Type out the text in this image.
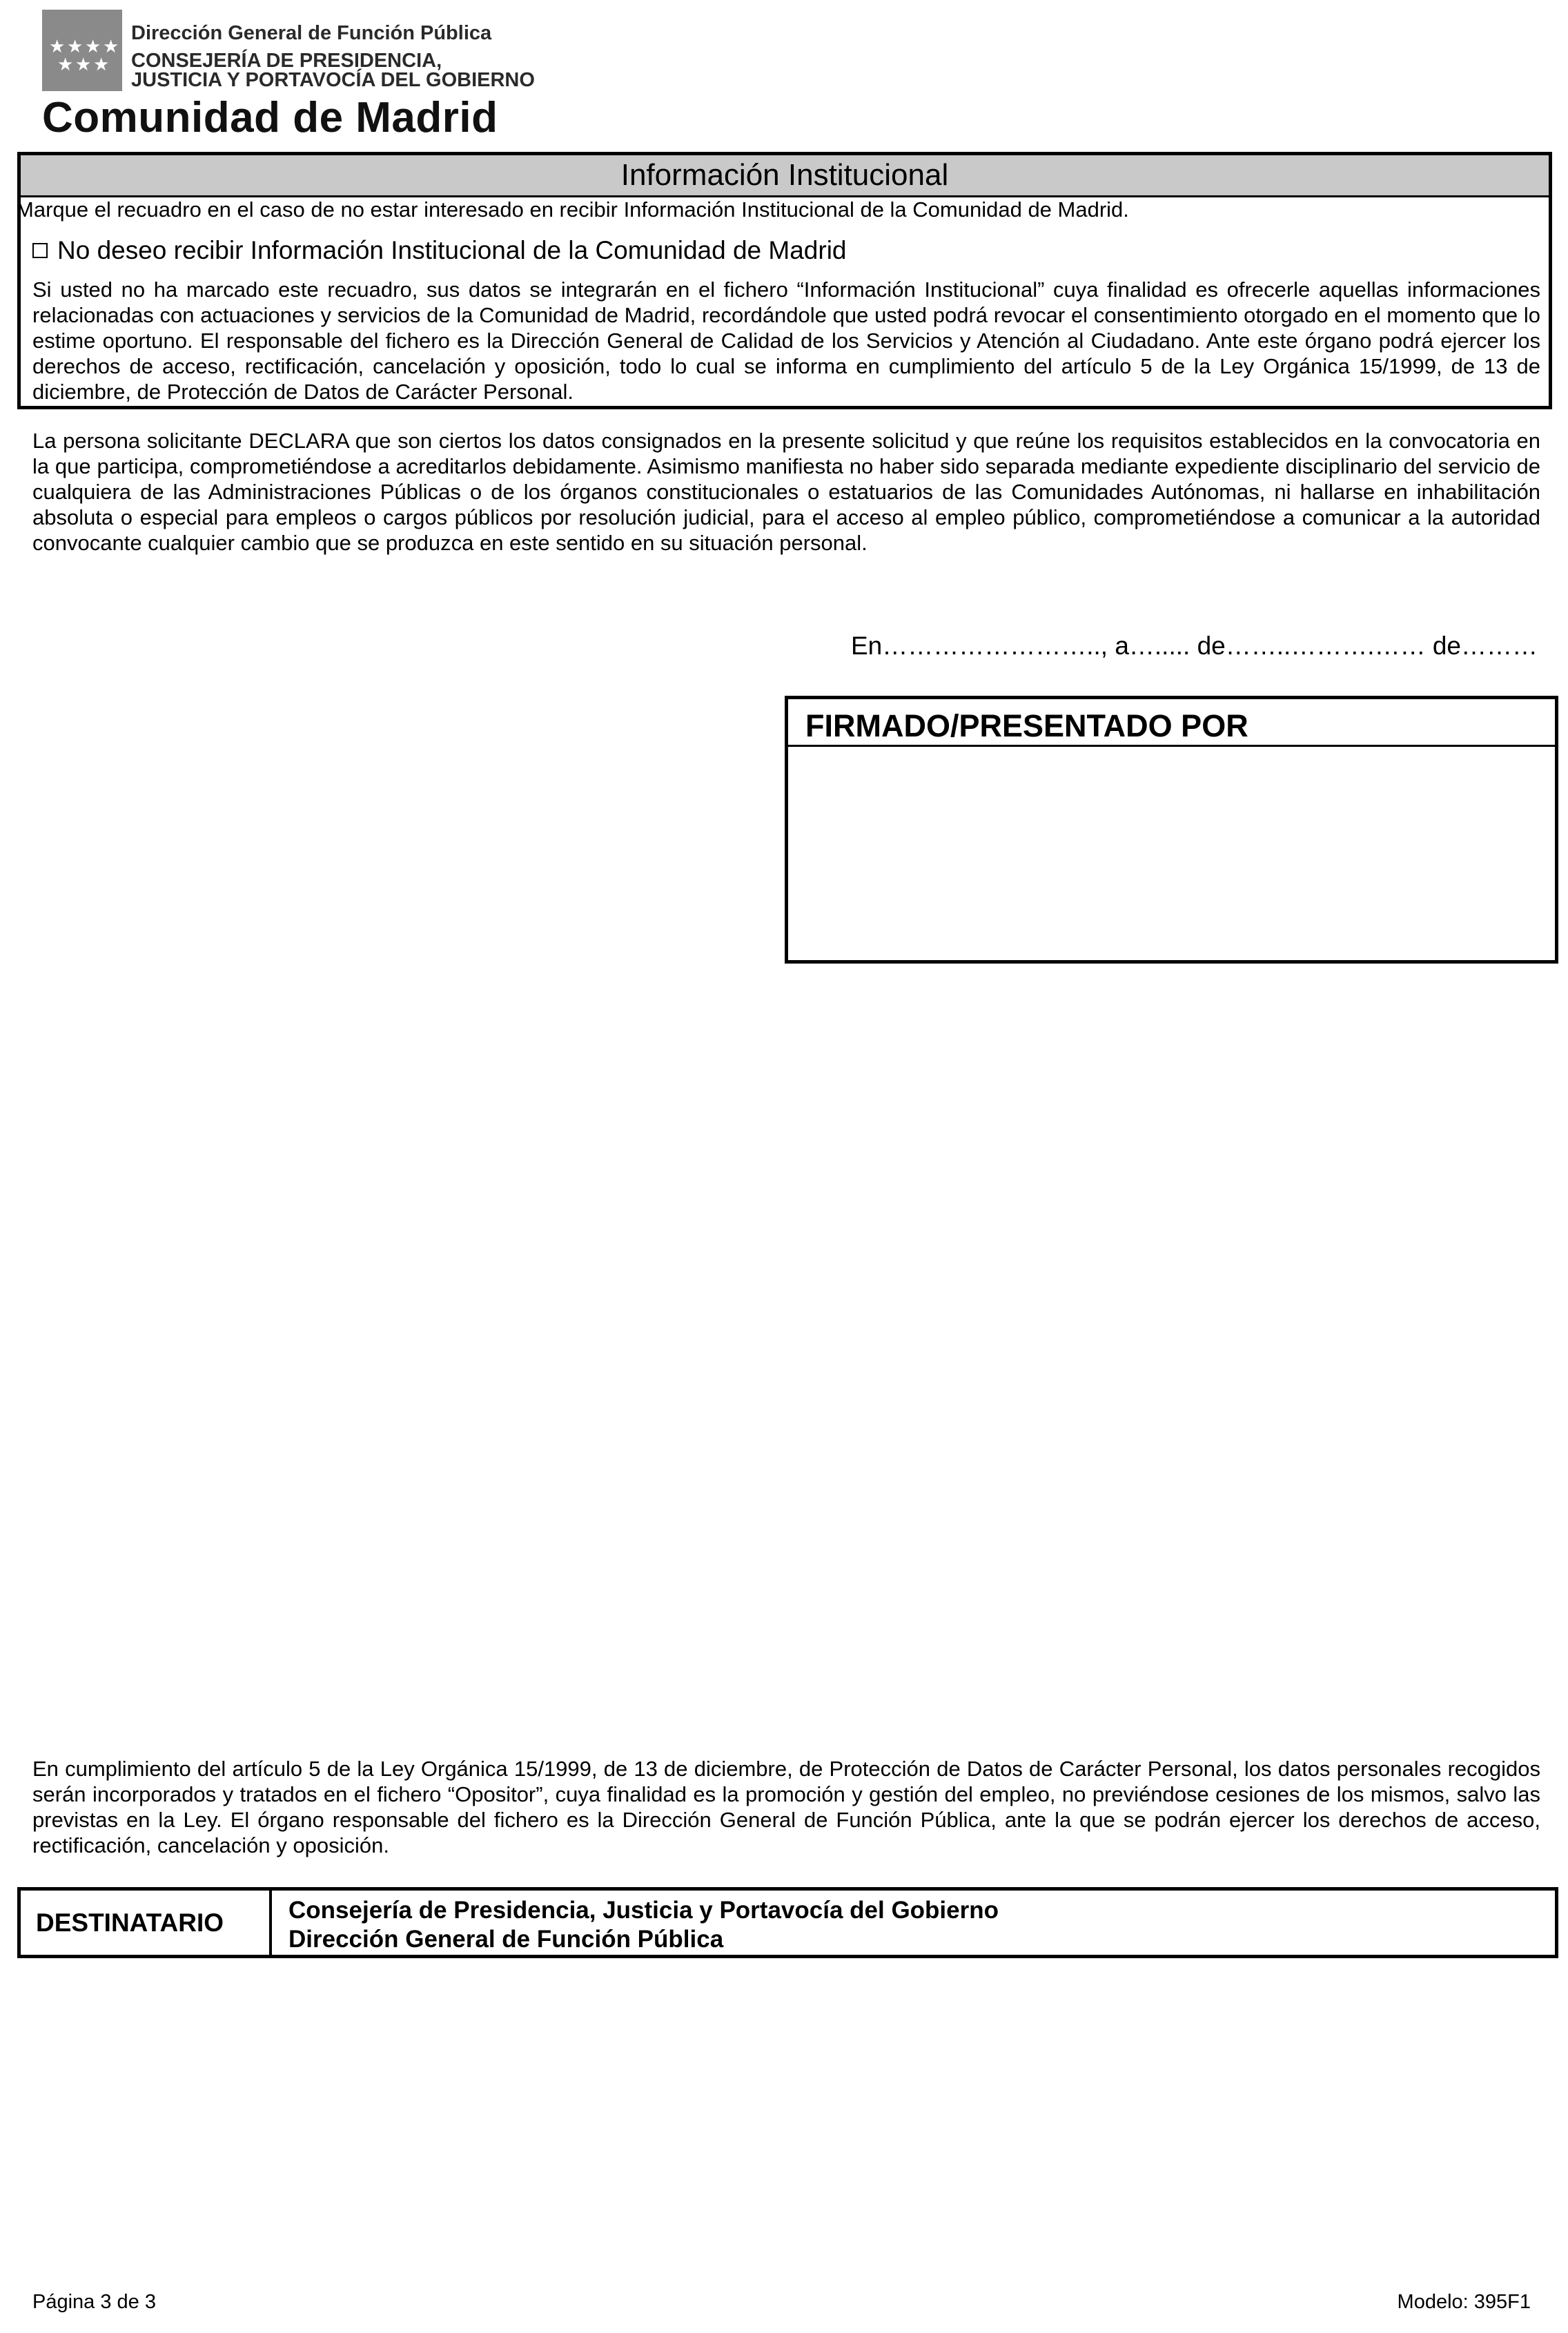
★ ★ ★ ★
★ ★ ★
Dirección General de Función Pública
CONSEJERÍA DE PRESIDENCIA,
JUSTICIA Y PORTAVOCÍA DEL GOBIERNO
Comunidad de Madrid
Información Institucional
Marque el recuadro en el caso de no estar interesado en recibir Información Institucional de la Comunidad de Madrid.
No deseo recibir Información Institucional de la Comunidad de Madrid
Si usted no ha marcado este recuadro, sus datos se integrarán en el fichero “Información Institucional” cuya finalidad es ofrecerle aquellas informaciones relacionadas con actuaciones y servicios de la Comunidad de Madrid, recordándole que usted podrá revocar el consentimiento otorgado en el momento que lo estime oportuno. El responsable del fichero es la Dirección General de Calidad de los Servicios y Atención al Ciudadano. Ante este órgano podrá ejercer los derechos de acceso, rectificación, cancelación y oposición, todo lo cual se informa en cumplimiento del artículo 5 de la Ley Orgánica 15/1999, de 13 de diciembre, de Protección de Datos de Carácter Personal.
La persona solicitante DECLARA que son ciertos los datos consignados en la presente solicitud y que reúne los requisitos establecidos en la convocatoria en la que participa, comprometiéndose a acreditarlos debidamente. Asimismo manifiesta no haber sido separada mediante expediente disciplinario del servicio de cualquiera de las Administraciones Públicas o de los órganos constitucionales o estatuarios de las Comunidades Autónomas, ni hallarse en inhabilitación absoluta o especial para empleos o cargos públicos por resolución judicial, para el acceso al empleo público, comprometiéndose a comunicar a la autoridad convocante cualquier cambio que se produzca en este sentido en su situación personal.
En…………………….., a…..... de……..……….…… de………
FIRMADO/PRESENTADO POR
En cumplimiento del artículo 5 de la Ley Orgánica 15/1999, de 13 de diciembre, de Protección de Datos de Carácter Personal, los datos personales recogidos serán incorporados y tratados en el fichero “Opositor”, cuya finalidad es la promoción y gestión del empleo, no previéndose cesiones de los mismos, salvo las previstas en la Ley. El órgano responsable del fichero es la Dirección General de Función Pública, ante la que se podrán ejercer los derechos de acceso, rectificación, cancelación y oposición.
DESTINATARIO	Consejería de Presidencia, Justicia y Portavocía del Gobierno
Dirección General de Función Pública
Página 3 de 3	Modelo: 395F1
